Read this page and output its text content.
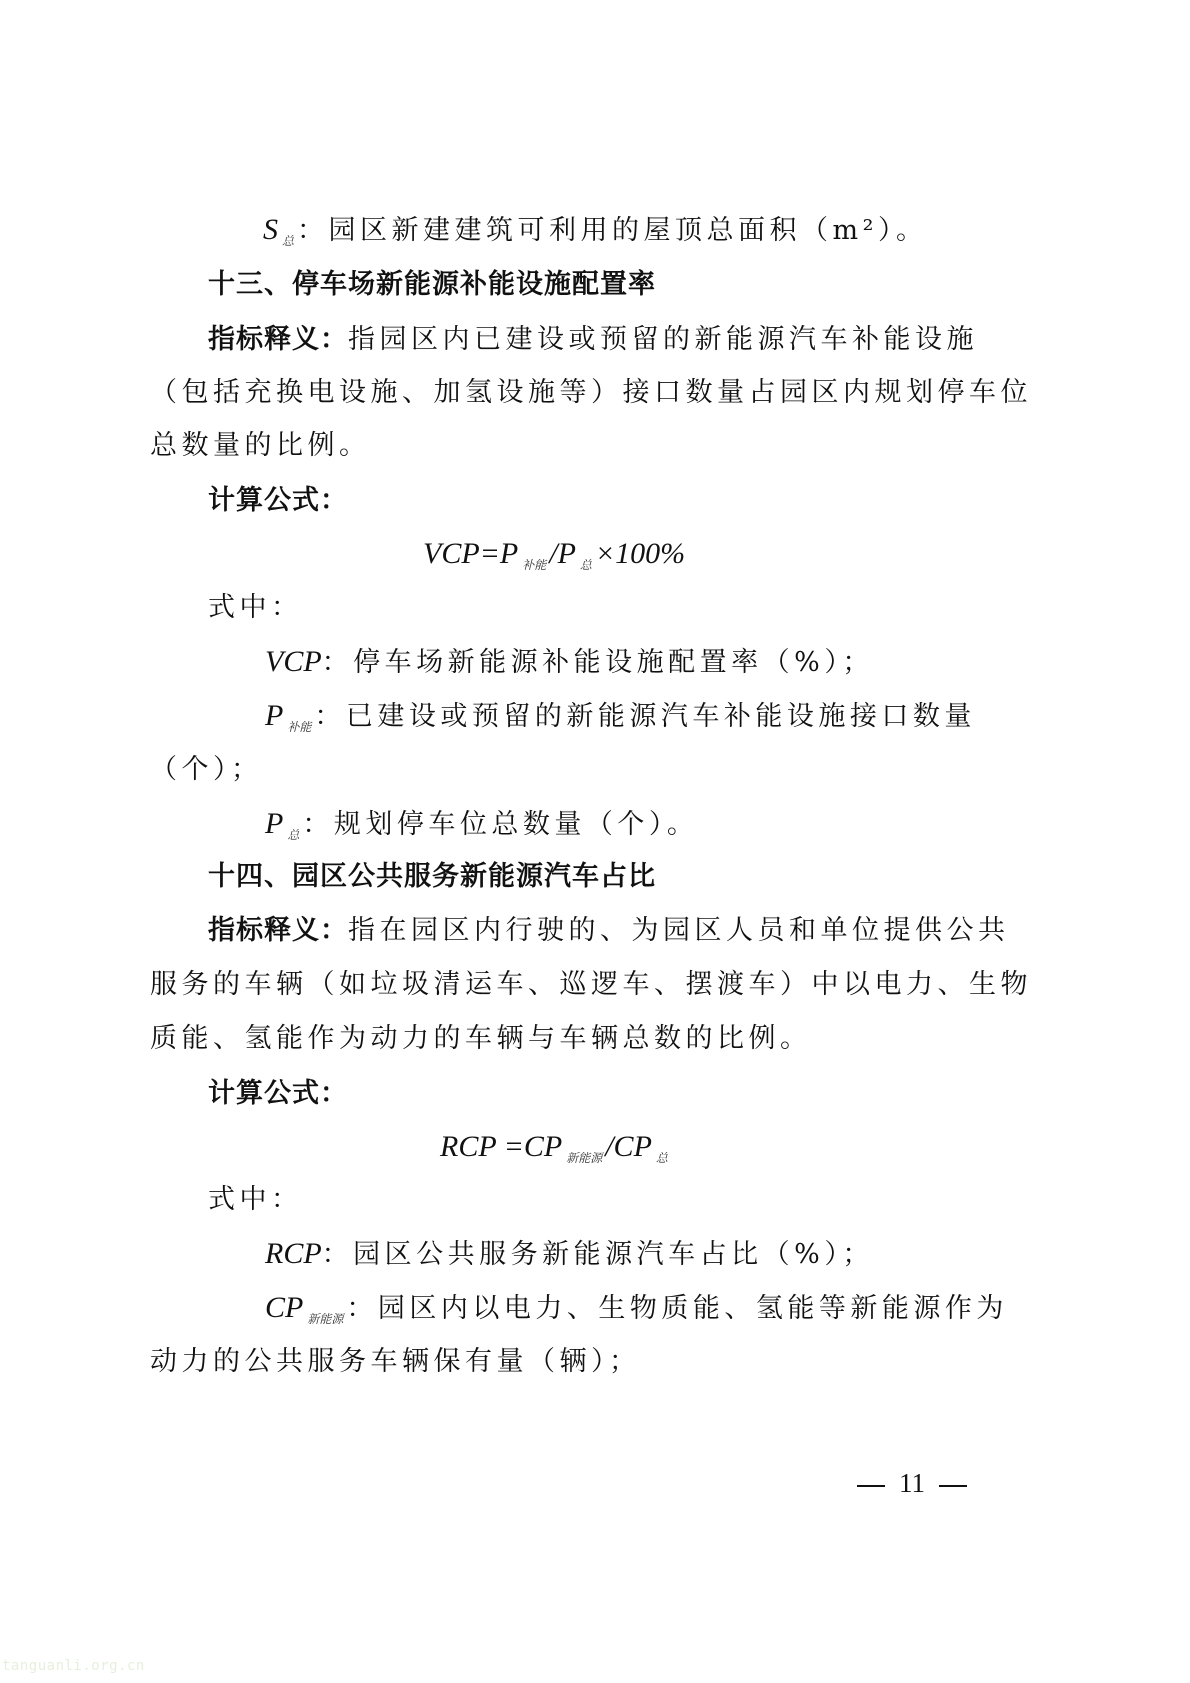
S $_总$ ：园区新建建筑可利用的屋顶总面积（m²）。
十三、停车场新能源补能设施配置率
指标释义：指园区内已建设或预留的新能源汽车补能设施
（包括充换电设施、加氢设施等）接口数量占园区内规划停车位
总数量的比例。
计算公式：
VCP=P $_{补能}$ /P $_总$ ×100%
式中：
VCP：停车场新能源补能设施配置率（%）；
P $_{补能}$ ：已建设或预留的新能源汽车补能设施接口数量
（个）；
P $_总$ ：规划停车位总数量（个）。
十四、园区公共服务新能源汽车占比
指标释义：指在园区内行驶的、为园区人员和单位提供公共
服务的车辆（如垃圾清运车、巡逻车、摆渡车）中以电力、生物
质能、氢能作为动力的车辆与车辆总数的比例。
计算公式：
RCP =CP $_{新能源}$ /CP $_总$
式中：
RCP：园区公共服务新能源汽车占比（%）；
CP $_{新能源}$ ：园区内以电力、生物质能、氢能等新能源作为
动力的公共服务车辆保有量（辆）；
11
tanguanli.org.cn
